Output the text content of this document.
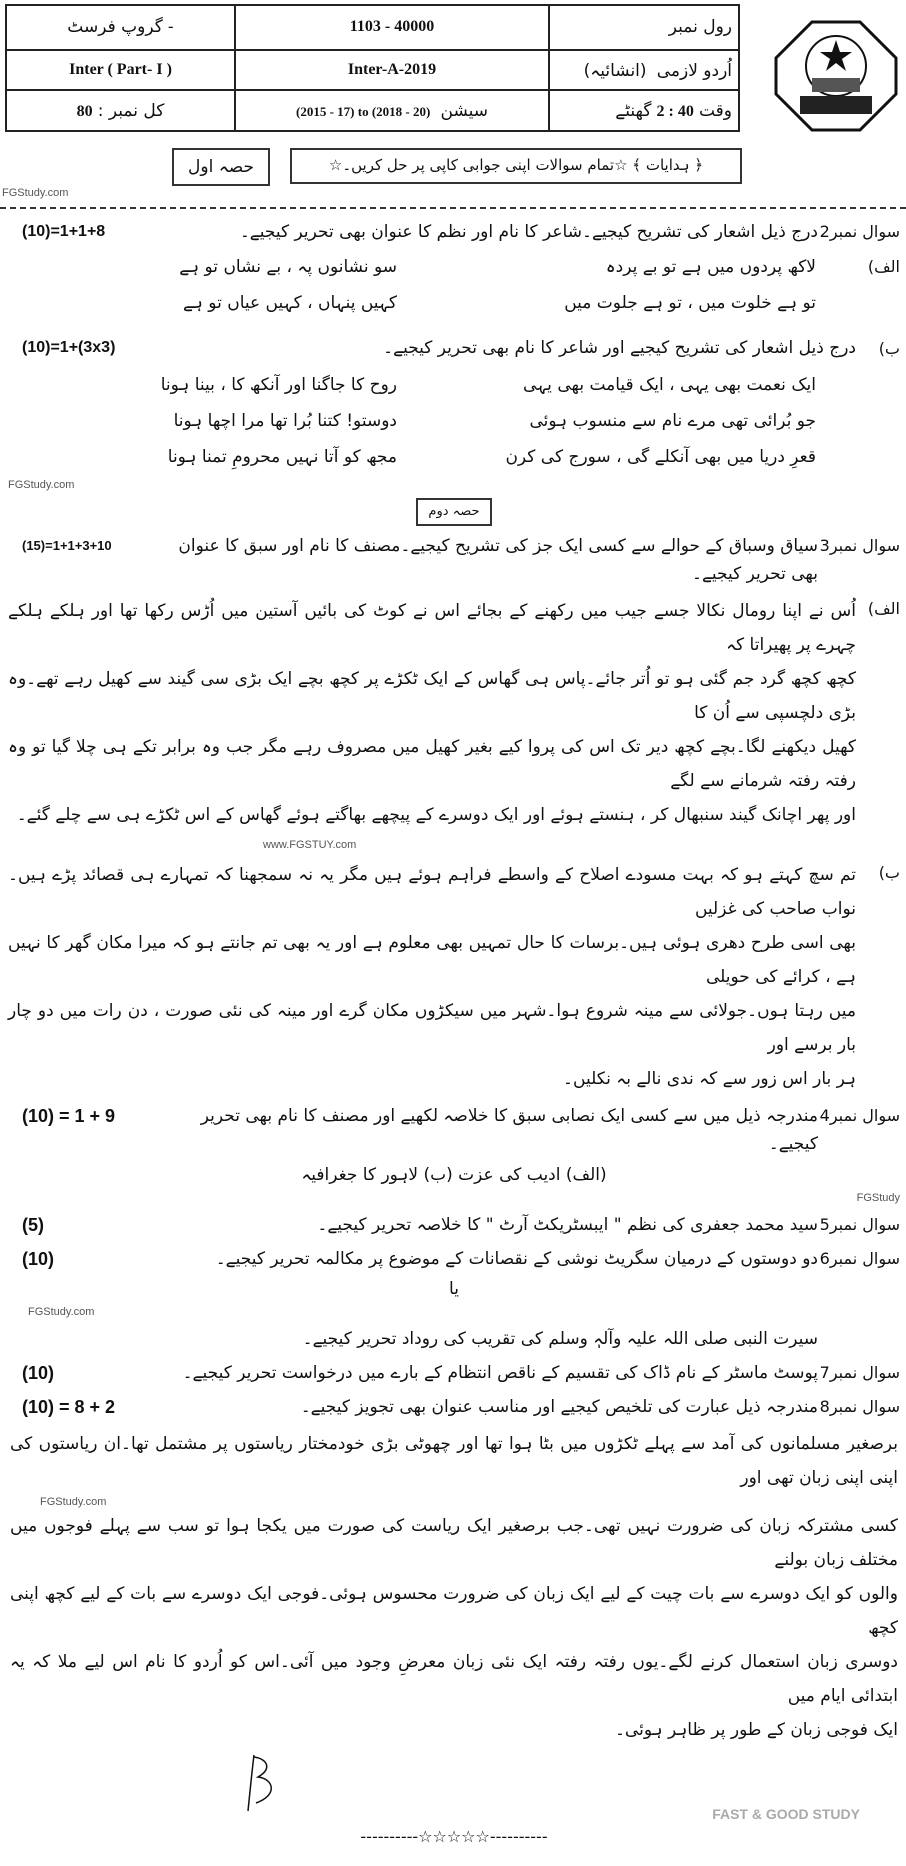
گروپ فرسٹ -	1103 - 40000	رول نمبر
Inter ( Part- I )	Inter-A-2019	اُردو لازمی  (انشائیہ)
کل نمبر : 80	سیشن  (2015 - 17) to (2018 - 20)	وقت 2 : 40 گھنٹے
حصہ اول	﴿ ہدایات ﴾ ☆تمام سوالات اپنی جوابی کاپی پر حل کریں۔☆
FGStudy.com
سوال نمبر2
درج ذیل اشعار کی تشریح کیجیے۔شاعر کا نام اور نظم کا عنوان بھی تحریر کیجیے۔
(10)=1+1+8
الف)
لاکھ پردوں میں ہے تو بے پردہ
سو نشانوں پہ ، بے نشاں تو ہے
تو ہے خلوت میں ، تو ہے جلوت میں
کہیں پنہاں ، کہیں عیاں تو ہے
ب)
درج ذیل اشعار کی تشریح کیجیے اور شاعر کا نام بھی تحریر کیجیے۔
(10)=1+(3x3)
ایک نعمت بھی یہی ، ایک قیامت بھی یہی
روح کا جاگنا اور آنکھ کا ، بینا ہونا
جو بُرائی تھی مرے نام سے منسوب ہوئی
دوستو! کتنا بُرا تھا مرا اچھا ہونا
قعرِ دریا میں بھی آنکلے گی ، سورج کی کرن
مجھ کو آتا نہیں محرومِ تمنا ہونا
FGStudy.com
حصہ دوم
سوال نمبر3
سیاق وسباق کے حوالے سے کسی ایک جز کی تشریح کیجیے۔مصنف کا نام اور سبق کا عنوان بھی تحریر کیجیے۔
(15)=1+1+3+10
الف)
اُس نے اپنا رومال نکالا جسے جیب میں رکھنے کے بجائے اس نے کوٹ کی بائیں آستین میں اُڑس رکھا تھا اور ہلکے ہلکے چہرے پر پھیراتا کہ
کچھ کچھ گرد جم گئی ہو تو اُتر جائے۔پاس ہی گھاس کے ایک ٹکڑے پر کچھ بچے ایک بڑی سی گیند سے کھیل رہے تھے۔وہ بڑی دلچسپی سے اُن کا
کھیل دیکھنے لگا۔بچے کچھ دیر تک اس کی پروا کیے بغیر کھیل میں مصروف رہے مگر جب وہ برابر تکے ہی چلا گیا تو وہ رفتہ رفتہ شرمانے سے لگے
اور پھر اچانک گیند سنبھال کر ، ہنستے ہوئے اور ایک دوسرے کے پیچھے بھاگتے ہوئے گھاس کے اس ٹکڑے ہی سے چلے گئے۔
www.FGSTUY.com
ب)
تم سچ کہتے ہو کہ بہت مسودے اصلاح کے واسطے فراہم ہوئے ہیں مگر یہ نہ سمجھنا کہ تمہارے ہی قصائد پڑے ہیں۔نواب صاحب کی غزلیں
بھی اسی طرح دھری ہوئی ہیں۔برسات کا حال تمہیں بھی معلوم ہے اور یہ بھی تم جانتے ہو کہ میرا مکان گھر کا نہیں ہے ، کرائے کی حویلی
میں رہتا ہوں۔جولائی سے مینہ شروع ہوا۔شہر میں سیکڑوں مکان گرے اور مینہ کی نئی صورت ، دن رات میں دو چار بار برسے اور
ہر بار اس زور سے کہ ندی نالے بہ نکلیں۔
سوال نمبر4
مندرجہ ذیل میں سے کسی ایک نصابی سبق کا خلاصہ لکھیے اور مصنف کا نام بھی تحریر کیجیے۔
(10) = 1 + 9
(الف) ادیب کی عزت (ب) لاہور کا جغرافیہ
FGStudy
سوال نمبر5
سید محمد جعفری کی نظم " ایبسٹریکٹ آرٹ " کا خلاصہ تحریر کیجیے۔
(5)
سوال نمبر6
دو دوستوں کے درمیان سگریٹ نوشی کے نقصانات کے موضوع پر مکالمہ تحریر کیجیے۔
(10)
یا
FGStudy.com
سیرت النبی صلی اللہ علیہ وآلہٖ وسلم کی تقریب کی روداد تحریر کیجیے۔
سوال نمبر7
پوسٹ ماسٹر کے نام ڈاک کی تقسیم کے ناقص انتظام کے بارے میں درخواست تحریر کیجیے۔
(10)
سوال نمبر8
مندرجہ ذیل عبارت کی تلخیص کیجیے اور مناسب عنوان بھی تجویز کیجیے۔
(10) = 8 + 2
برصغیر مسلمانوں کی آمد سے پہلے ٹکڑوں میں بٹا ہوا تھا اور چھوٹی بڑی خودمختار ریاستوں پر مشتمل تھا۔ان ریاستوں کی اپنی اپنی زبان تھی اور
FGStudy.com
کسی مشترکہ زبان کی ضرورت نہیں تھی۔جب برصغیر ایک ریاست کی صورت میں یکجا ہوا تو سب سے پہلے فوجوں میں مختلف زبان بولنے
والوں کو ایک دوسرے سے بات چیت کے لیے ایک زبان کی ضرورت محسوس ہوئی۔فوجی ایک دوسرے سے بات کے لیے کچھ اپنی کچھ
دوسری زبان استعمال کرنے لگے۔یوں رفتہ رفتہ ایک نئی زبان معرضِ وجود میں آئی۔اس کو اُردو کا نام اس لیے ملا کہ یہ ابتدائی ایام میں
ایک فوجی زبان کے طور پر ظاہر ہوئی۔
FAST & GOOD STUDY
----------☆☆☆☆☆----------
